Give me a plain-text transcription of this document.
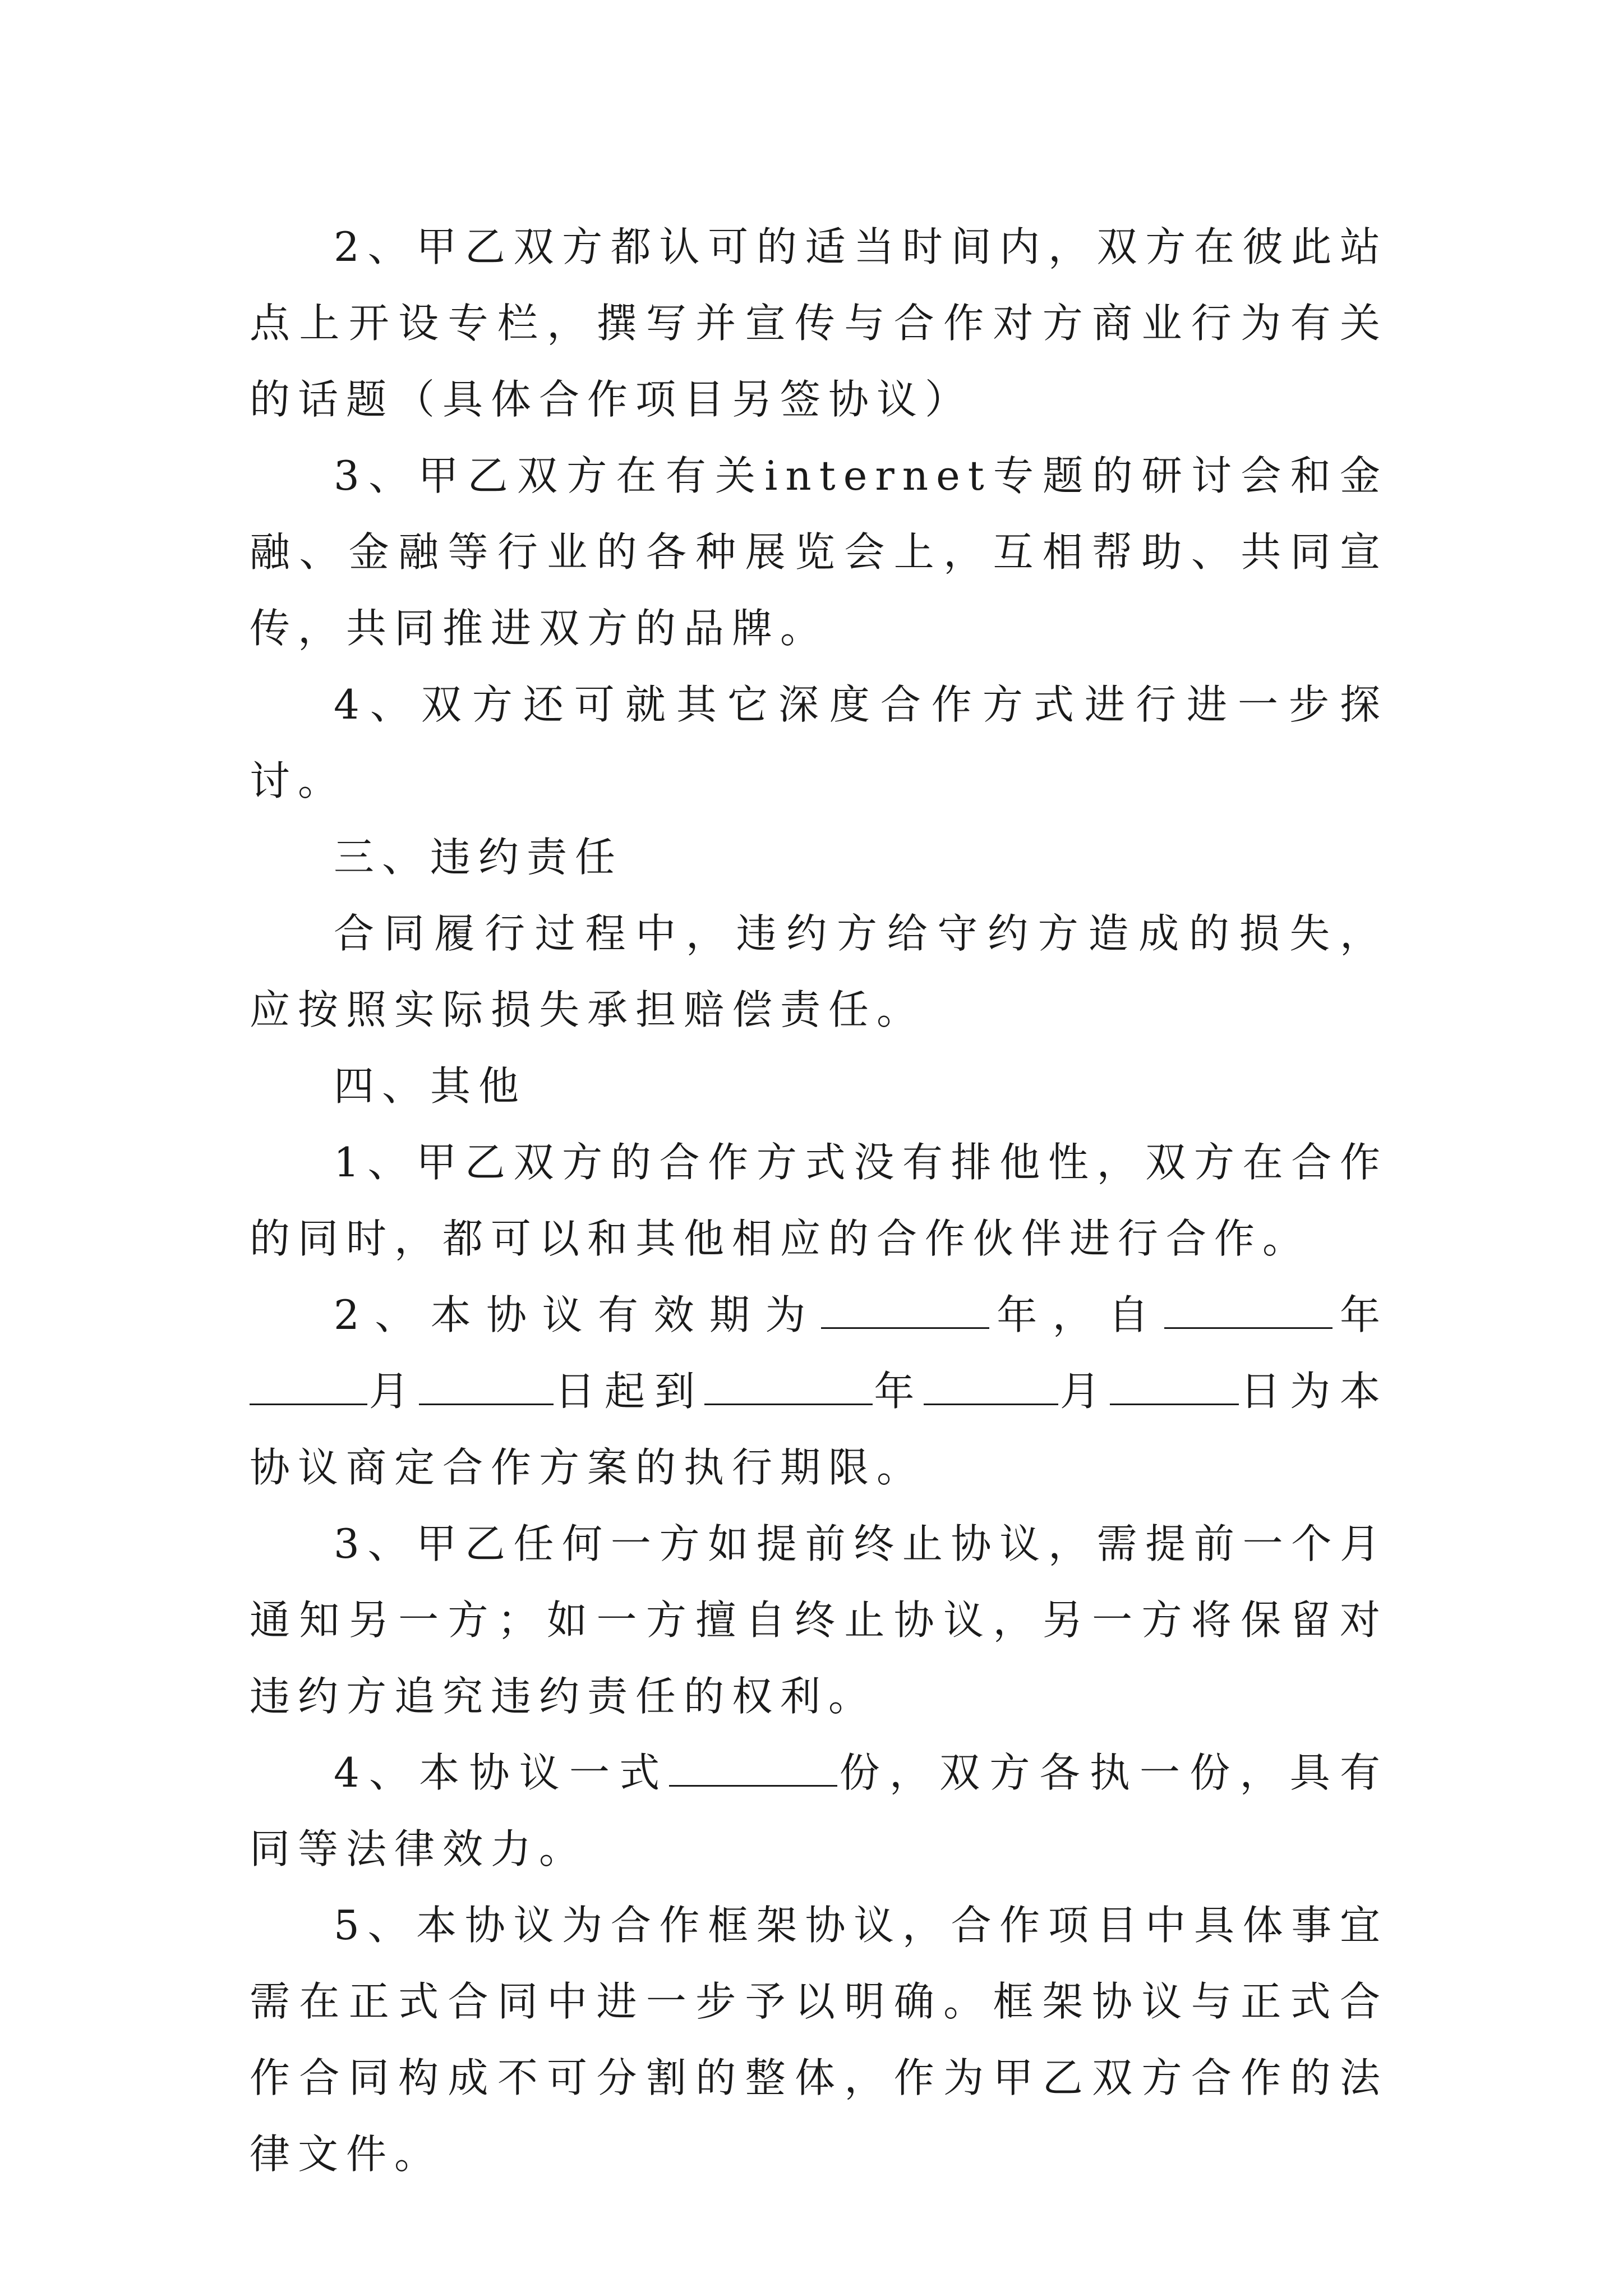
2、甲乙双方都认可的适当时间内，双方在彼此站点上开设专栏，撰写并宣传与合作对方商业行为有关的话题（具体合作项目另签协议）

3、甲乙双方在有关internet专题的研讨会和金融、金融等行业的各种展览会上，互相帮助、共同宣传，共同推进双方的品牌。

4、双方还可就其它深度合作方式进行进一步探讨。

三、违约责任

合同履行过程中，违约方给守约方造成的损失，应按照实际损失承担赔偿责任。

四、其他

1、甲乙双方的合作方式没有排他性，双方在合作的同时，都可以和其他相应的合作伙伴进行合作。

2、本协议有效期为	年，自	年月	日起到	年	月	日为本协议商定合作方案的执行期限。

3、甲乙任何一方如提前终止协议，需提前一个月通知另一方；如一方擅自终止协议，另一方将保留对违约方追究违约责任的权利。

4、本协议一式	份，双方各执一份，具有同等法律效力。

5、本协议为合作框架协议，合作项目中具体事宜需在正式合同中进一步予以明确。框架协议与正式合作合同构成不可分割的整体，作为甲乙双方合作的法律文件。
